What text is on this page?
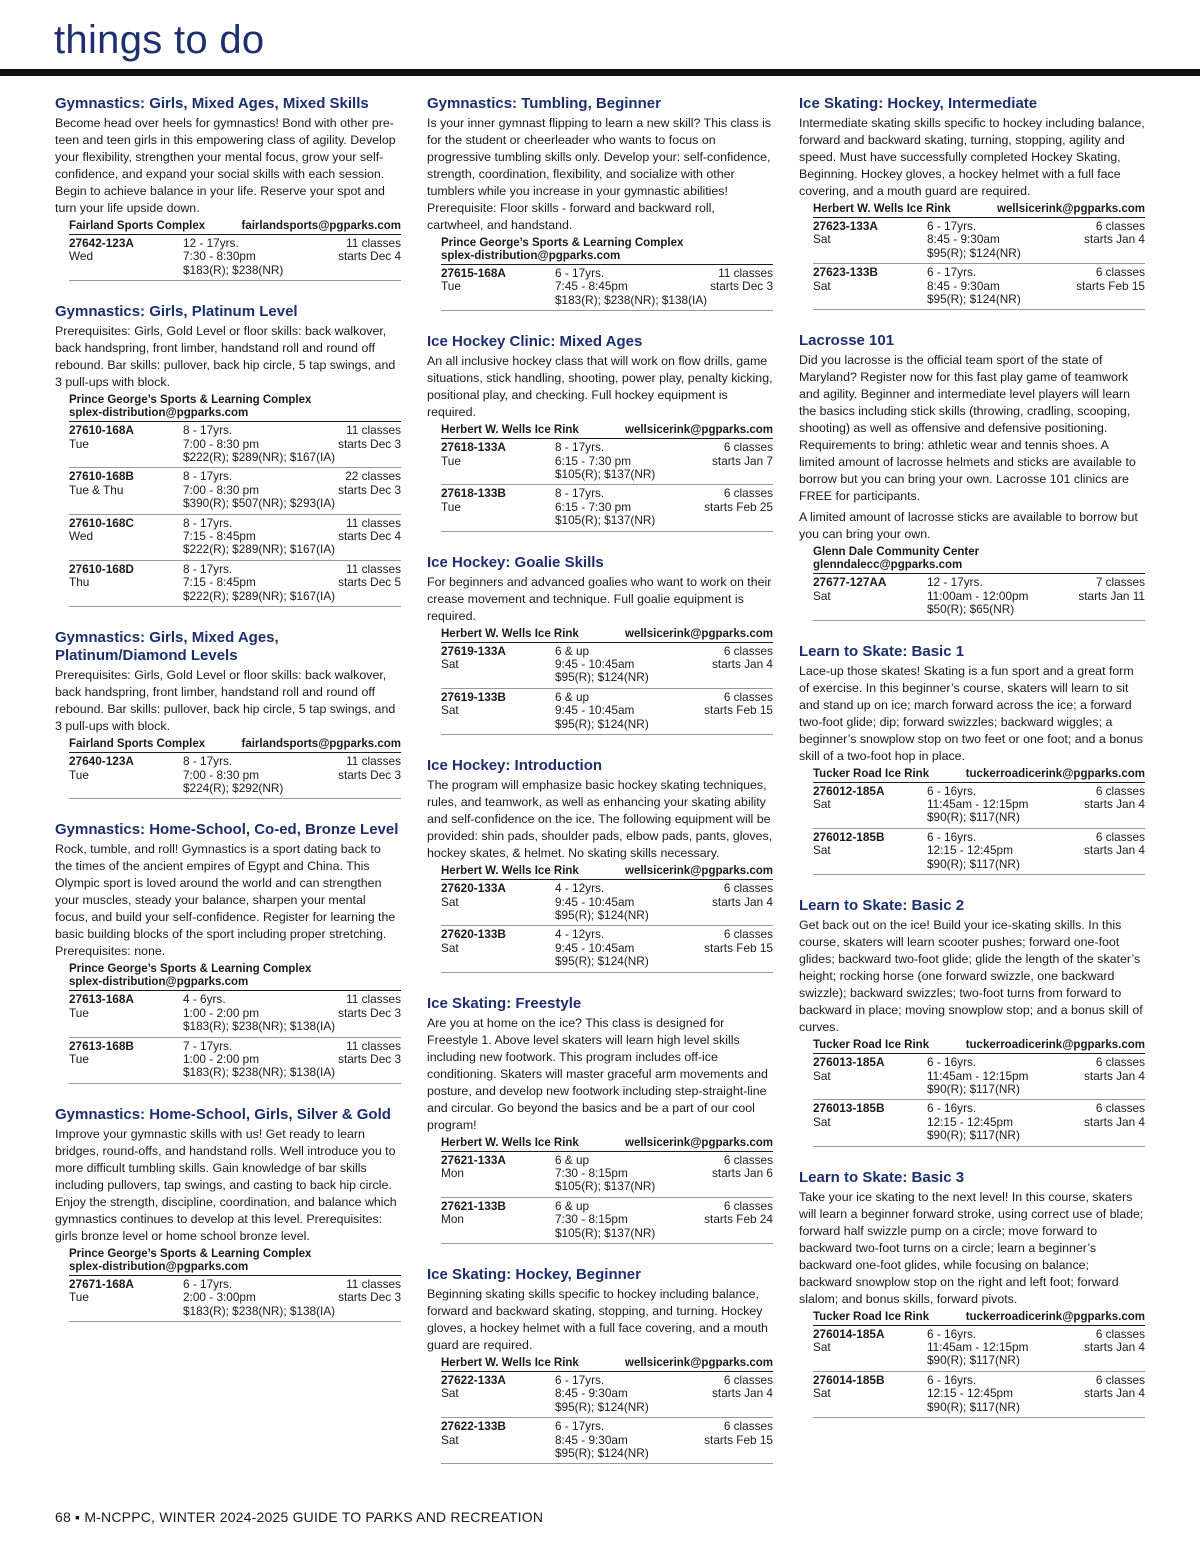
things to do
Gymnastics: Girls, Mixed Ages, Mixed Skills
Become head over heels for gymnastics! Bond with other pre-teen and teen girls in this empowering class of agility. Develop your flexibility, strengthen your mental focus, grow your self-confidence, and expand your social skills with each session. Begin to achieve balance in your life. Reserve your spot and turn your life upside down.
Fairland Sports Complex	fairlandsports@pgparks.com
27642-123A	12 - 17yrs.	11 classes
Wed	7:30 - 8:30pm	starts Dec 4
$183(R); $238(NR)
Gymnastics: Girls, Platinum Level
Prerequisites: Girls, Gold Level or floor skills: back walkover, back handspring, front limber, handstand roll and round off rebound. Bar skills: pullover, back hip circle, 5 tap swings, and 3 pull-ups with block.
Prince George’s Sports & Learning Complex
splex-distribution@pgparks.com
27610-168A	8 - 17yrs.	11 classes
Tue	7:00 - 8:30 pm	starts Dec 3
$222(R); $289(NR); $167(IA)
27610-168B	8 - 17yrs.	22 classes
Tue & Thu	7:00 - 8:30 pm	starts Dec 3
$390(R); $507(NR); $293(IA)
27610-168C	8 - 17yrs.	11 classes
Wed	7:15 - 8:45pm	starts Dec 4
$222(R); $289(NR); $167(IA)
27610-168D	8 - 17yrs.	11 classes
Thu	7:15 - 8:45pm	starts Dec 5
$222(R); $289(NR); $167(IA)
Gymnastics: Girls, Mixed Ages, Platinum/Diamond Levels
Prerequisites: Girls, Gold Level or floor skills: back walkover, back handspring, front limber, handstand roll and round off rebound. Bar skills: pullover, back hip circle, 5 tap swings, and 3 pull-ups with block.
Fairland Sports Complex	fairlandsports@pgparks.com
27640-123A	8 - 17yrs.	11 classes
Tue	7:00 - 8:30 pm	starts Dec 3
$224(R); $292(NR)
Gymnastics: Home-School, Co-ed, Bronze Level
Rock, tumble, and roll! Gymnastics is a sport dating back to the times of the ancient empires of Egypt and China. This Olympic sport is loved around the world and can strengthen your muscles, steady your balance, sharpen your mental focus, and build your self-confidence. Register for learning the basic building blocks of the sport including proper stretching. Prerequisites: none.
Prince George’s Sports & Learning Complex
splex-distribution@pgparks.com
27613-168A	4 - 6yrs.	11 classes
Tue	1:00 - 2:00 pm	starts Dec 3
$183(R); $238(NR); $138(IA)
27613-168B	7 - 17yrs.	11 classes
Tue	1:00 - 2:00 pm	starts Dec 3
$183(R); $238(NR); $138(IA)
Gymnastics: Home-School, Girls, Silver & Gold
Improve your gymnastic skills with us! Get ready to learn bridges, round-offs, and handstand rolls. Well introduce you to more difficult tumbling skills. Gain knowledge of bar skills including pullovers, tap swings, and casting to back hip circle. Enjoy the strength, discipline, coordination, and balance which gymnastics continues to develop at this level. Prerequisites: girls bronze level or home school bronze level.
Prince George’s Sports & Learning Complex
splex-distribution@pgparks.com
27671-168A	6 - 17yrs.	11 classes
Tue	2:00 - 3:00pm	starts Dec 3
$183(R); $238(NR); $138(IA)
Gymnastics: Tumbling, Beginner
Is your inner gymnast flipping to learn a new skill? This class is for the student or cheerleader who wants to focus on progressive tumbling skills only. Develop your: self-confidence, strength, coordination, flexibility, and socialize with other tumblers while you increase in your gymnastic abilities! Prerequisite: Floor skills - forward and backward roll, cartwheel, and handstand.
Prince George’s Sports & Learning Complex
splex-distribution@pgparks.com
27615-168A	6 - 17yrs.	11 classes
Tue	7:45 - 8:45pm	starts Dec 3
$183(R); $238(NR); $138(IA)
Ice Hockey Clinic: Mixed Ages
An all inclusive hockey class that will work on flow drills, game situations, stick handling, shooting, power play, penalty kicking, positional play, and checking. Full hockey equipment is required.
Herbert W. Wells Ice Rink	wellsicerink@pgparks.com
27618-133A	8 - 17yrs.	6 classes
Tue	6:15 - 7:30 pm	starts Jan 7
$105(R); $137(NR)
27618-133B	8 - 17yrs.	6 classes
Tue	6:15 - 7:30 pm	starts Feb 25
$105(R); $137(NR)
Ice Hockey: Goalie Skills
For beginners and advanced goalies who want to work on their crease movement and technique. Full goalie equipment is required.
Herbert W. Wells Ice Rink	wellsicerink@pgparks.com
27619-133A	6 & up	6 classes
Sat	9:45 - 10:45am	starts Jan 4
$95(R); $124(NR)
27619-133B	6 & up	6 classes
Sat	9:45 - 10:45am	starts Feb 15
$95(R); $124(NR)
Ice Hockey: Introduction
The program will emphasize basic hockey skating techniques, rules, and teamwork, as well as enhancing your skating ability and self-confidence on the ice. The following equipment will be provided: shin pads, shoulder pads, elbow pads, pants, gloves, hockey skates, & helmet. No skating skills necessary.
Herbert W. Wells Ice Rink	wellsicerink@pgparks.com
27620-133A	4 - 12yrs.	6 classes
Sat	9:45 - 10:45am	starts Jan 4
$95(R); $124(NR)
27620-133B	4 - 12yrs.	6 classes
Sat	9:45 - 10:45am	starts Feb 15
$95(R); $124(NR)
Ice Skating: Freestyle
Are you at home on the ice? This class is designed for Freestyle 1. Above level skaters will learn high level skills including new footwork. This program includes off-ice conditioning. Skaters will master graceful arm movements and posture, and develop new footwork including step-straight-line and circular. Go beyond the basics and be a part of our cool program!
Herbert W. Wells Ice Rink	wellsicerink@pgparks.com
27621-133A	6 & up	6 classes
Mon	7:30 - 8:15pm	starts Jan 6
$105(R); $137(NR)
27621-133B	6 & up	6 classes
Mon	7:30 - 8:15pm	starts Feb 24
$105(R); $137(NR)
Ice Skating: Hockey, Beginner
Beginning skating skills specific to hockey including balance, forward and backward skating, stopping, and turning. Hockey gloves, a hockey helmet with a full face covering, and a mouth guard are required.
Herbert W. Wells Ice Rink	wellsicerink@pgparks.com
27622-133A	6 - 17yrs.	6 classes
Sat	8:45 - 9:30am	starts Jan 4
$95(R); $124(NR)
27622-133B	6 - 17yrs.	6 classes
Sat	8:45 - 9:30am	starts Feb 15
$95(R); $124(NR)
Ice Skating: Hockey, Intermediate
Intermediate skating skills specific to hockey including balance, forward and backward skating, turning, stopping, agility and speed. Must have successfully completed Hockey Skating, Beginning. Hockey gloves, a hockey helmet with a full face covering, and a mouth guard are required.
Herbert W. Wells Ice Rink	wellsicerink@pgparks.com
27623-133A	6 - 17yrs.	6 classes
Sat	8:45 - 9:30am	starts Jan 4
$95(R); $124(NR)
27623-133B	6 - 17yrs.	6 classes
Sat	8:45 - 9:30am	starts Feb 15
$95(R); $124(NR)
Lacrosse 101
Did you lacrosse is the official team sport of the state of Maryland? Register now for this fast play game of teamwork and agility. Beginner and intermediate level players will learn the basics including stick skills (throwing, cradling, scooping, shooting) as well as offensive and defensive positioning. Requirements to bring: athletic wear and tennis shoes. A limited amount of lacrosse helmets and sticks are available to borrow but you can bring your own. Lacrosse 101 clinics are FREE for participants.
A limited amount of lacrosse sticks are available to borrow but you can bring your own.
Glenn Dale Community Center
glenndalecc@pgparks.com
27677-127AA	12 - 17yrs.	7 classes
Sat	11:00am - 12:00pm	starts Jan 11
$50(R); $65(NR)
Learn to Skate: Basic 1
Lace-up those skates! Skating is a fun sport and a great form of exercise. In this beginner’s course, skaters will learn to sit and stand up on ice; march forward across the ice; a forward two-foot glide; dip; forward swizzles; backward wiggles; a beginner’s snowplow stop on two feet or one foot; and a bonus skill of a two-foot hop in place.
Tucker Road Ice Rink	tuckerroadicerink@pgparks.com
276012-185A	6 - 16yrs.	6 classes
Sat	11:45am - 12:15pm	starts Jan 4
$90(R); $117(NR)
276012-185B	6 - 16yrs.	6 classes
Sat	12:15 - 12:45pm	starts Jan 4
$90(R); $117(NR)
Learn to Skate: Basic 2
Get back out on the ice! Build your ice-skating skills. In this course, skaters will learn scooter pushes; forward one-foot glides; backward two-foot glide; glide the length of the skater’s height; rocking horse (one forward swizzle, one backward swizzle); backward swizzles; two-foot turns from forward to backward in place; moving snowplow stop; and a bonus skill of curves.
Tucker Road Ice Rink	tuckerroadicerink@pgparks.com
276013-185A	6 - 16yrs.	6 classes
Sat	11:45am - 12:15pm	starts Jan 4
$90(R); $117(NR)
276013-185B	6 - 16yrs.	6 classes
Sat	12:15 - 12:45pm	starts Jan 4
$90(R); $117(NR)
Learn to Skate: Basic 3
Take your ice skating to the next level! In this course, skaters will learn a beginner forward stroke, using correct use of blade; forward half swizzle pump on a circle; move forward to backward two-foot turns on a circle; learn a beginner’s backward one-foot glides, while focusing on balance; backward snowplow stop on the right and left foot; forward slalom; and bonus skills, forward pivots.
Tucker Road Ice Rink	tuckerroadicerink@pgparks.com
276014-185A	6 - 16yrs.	6 classes
Sat	11:45am - 12:15pm	starts Jan 4
$90(R); $117(NR)
276014-185B	6 - 16yrs.	6 classes
Sat	12:15 - 12:45pm	starts Jan 4
$90(R); $117(NR)
68 ▪ M-NCPPC, WINTER 2024-2025 GUIDE TO PARKS AND RECREATION
